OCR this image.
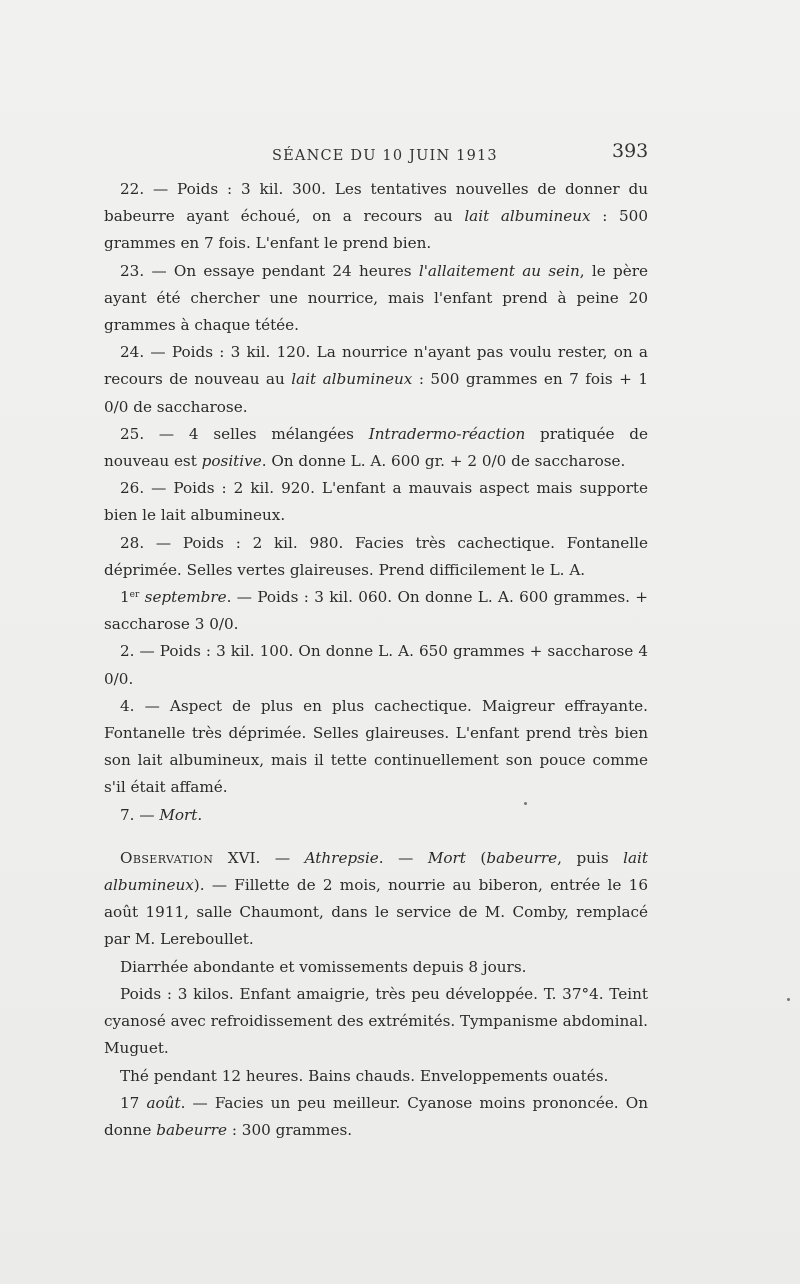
SÉANCE DU 10 JUIN 1913	393

22. — Poids : 3 kil. 300. Les tentatives nouvelles de donner du babeurre ayant échoué, on a recours au lait albumineux : 500 grammes en 7 fois. L'enfant le prend bien.

23. — On essaye pendant 24 heures l'allaitement au sein, le père ayant été chercher une nourrice, mais l'enfant prend à peine 20 grammes à chaque tétée.

24. — Poids : 3 kil. 120. La nourrice n'ayant pas voulu rester, on a recours de nouveau au lait albumineux : 500 grammes en 7 fois + 1 0/0 de saccharose.

25. — 4 selles mélangées Intradermo-réaction pratiquée de nouveau est positive. On donne L. A. 600 gr. + 2 0/0 de saccharose.

26. — Poids : 2 kil. 920. L'enfant a mauvais aspect mais supporte bien le lait albumineux.

28. — Poids : 2 kil. 980. Facies très cachectique. Fontanelle déprimée. Selles vertes glaireuses. Prend difficilement le L. A.

1er septembre. — Poids : 3 kil. 060. On donne L. A. 600 grammes. + saccharose 3 0/0.

2. — Poids : 3 kil. 100. On donne L. A. 650 grammes + saccharose 4 0/0.

4. — Aspect de plus en plus cachectique. Maigreur effrayante. Fontanelle très déprimée. Selles glaireuses. L'enfant prend très bien son lait albumineux, mais il tette continuellement son pouce comme s'il était affamé.

7. — Mort.

Observation XVI. — Athrepsie. — Mort (babeurre, puis lait albumineux). — Fillette de 2 mois, nourrie au biberon, entrée le 16 août 1911, salle Chaumont, dans le service de M. Comby, remplacé par M. Lereboullet.

Diarrhée abondante et vomissements depuis 8 jours.

Poids : 3 kilos. Enfant amaigrie, très peu développée. T. 37°4. Teint cyanosé avec refroidissement des extrémités. Tympanisme abdominal. Muguet.

Thé pendant 12 heures. Bains chauds. Enveloppements ouatés.

17 août. — Facies un peu meilleur. Cyanose moins prononcée. On donne babeurre : 300 grammes.
